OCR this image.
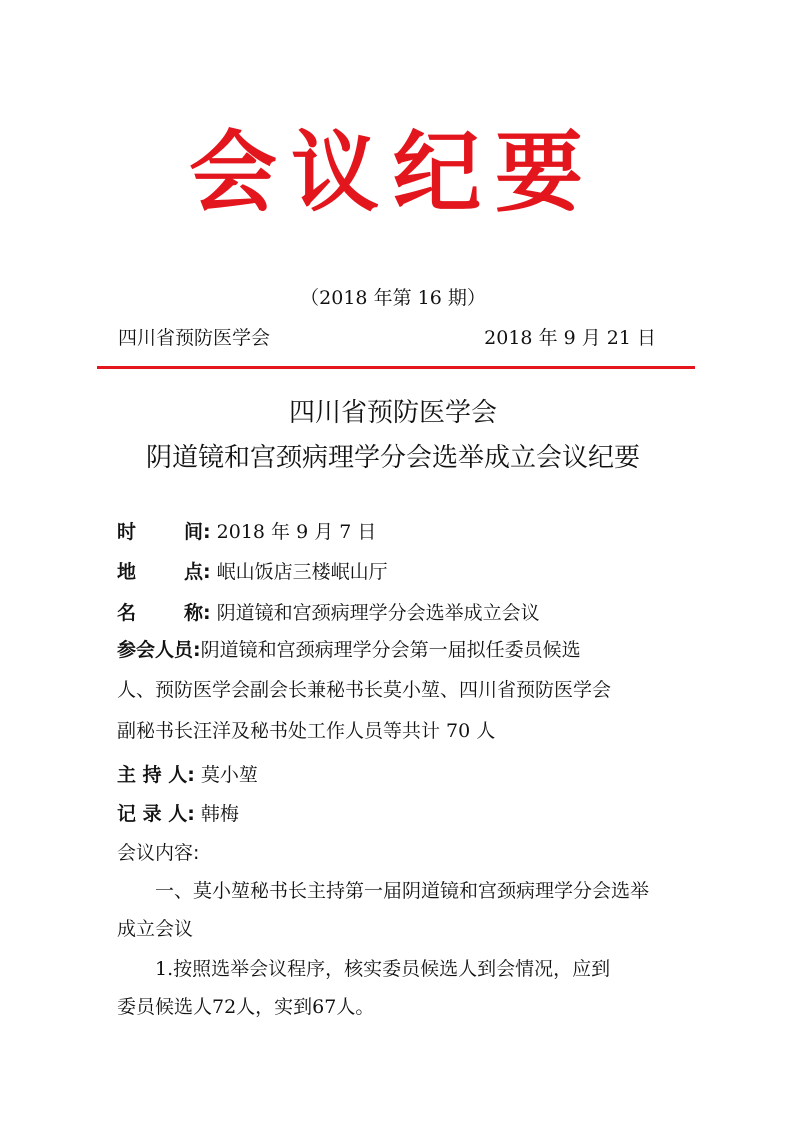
会议纪要
（2018 年第 16 期）
四川省预防医学会	2018 年 9 月 21 日
四川省预防医学会
阴道镜和宫颈病理学分会选举成立会议纪要
时	间 : 2018 年 9 月 7 日
地	点 : 岷山饭店三楼岷山厅
名	称 : 阴道镜和宫颈病理学分会选举成立会议
参会人员:阴道镜和宫颈病理学分会第一届拟任委员候选
人、预防医学会副会长兼秘书长莫小堃、四川省预防医学会
副秘书长汪洋及秘书处工作人员等共计 70 人
主 持 人: 莫小堃
记 录 人: 韩梅
会议内容:
一、莫小堃秘书长主持第一届阴道镜和宫颈病理学分会选举
成立会议
1.按照选举会议程序，核实委员候选人到会情况，应到
委员候选人72人，实到67人。
